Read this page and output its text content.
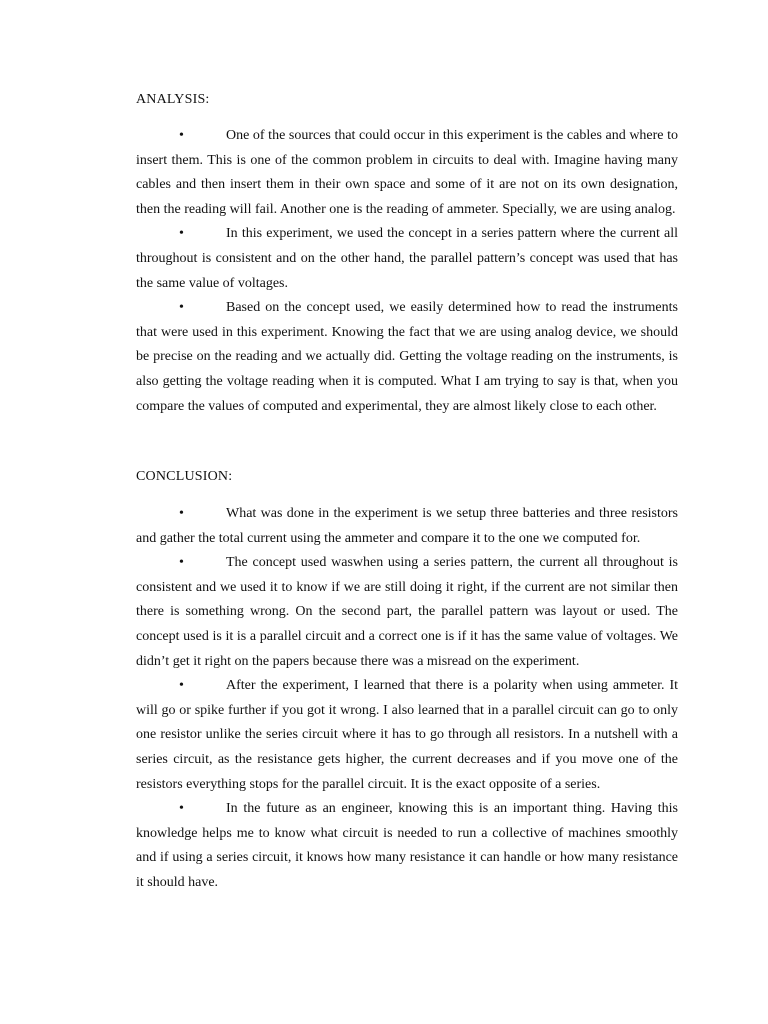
ANALYSIS:

•	One of the sources that could occur in this experiment is the cables and where to insert them. This is one of the common problem in circuits to deal with. Imagine having many cables and then insert them in their own space and some of it are not on its own designation, then the reading will fail. Another one is the reading of ammeter. Specially, we are using analog.

•	In this experiment, we used the concept in a series pattern where the current all throughout is consistent and on the other hand, the parallel pattern’s concept was used that has the same value of voltages.

•	Based on the concept used, we easily determined how to read the instruments that were used in this experiment. Knowing the fact that we are using analog device, we should be precise on the reading and we actually did. Getting the voltage reading on the instruments, is also getting the voltage reading when it is computed. What I am trying to say is that, when you compare the values of computed and experimental, they are almost likely close to each other.

CONCLUSION:

•	What was done in the experiment is we setup three batteries and three resistors and gather the total current using the ammeter and compare it to the one we computed for.

•	The concept used waswhen using a series pattern, the current all throughout is consistent and we used it to know if we are still doing it right, if the current are not similar then there is something wrong. On the second part, the parallel pattern was layout or used. The concept used is it is a parallel circuit and a correct one is if it has the same value of voltages. We didn’t get it right on the papers because there was a misread on the experiment.

•	After the experiment, I learned that there is a polarity when using ammeter. It will go or spike further if you got it wrong. I also learned that in a parallel circuit can go to only one resistor unlike the series circuit where it has to go through all resistors. In a nutshell with a series circuit, as the resistance gets higher, the current decreases and if you move one of the resistors everything stops for the parallel circuit. It is the exact opposite of a series.

•	In the future as an engineer, knowing this is an important thing. Having this knowledge helps me to know what circuit is needed to run a collective of machines smoothly and if using a series circuit, it knows how many resistance it can handle or how many resistance it should have.
